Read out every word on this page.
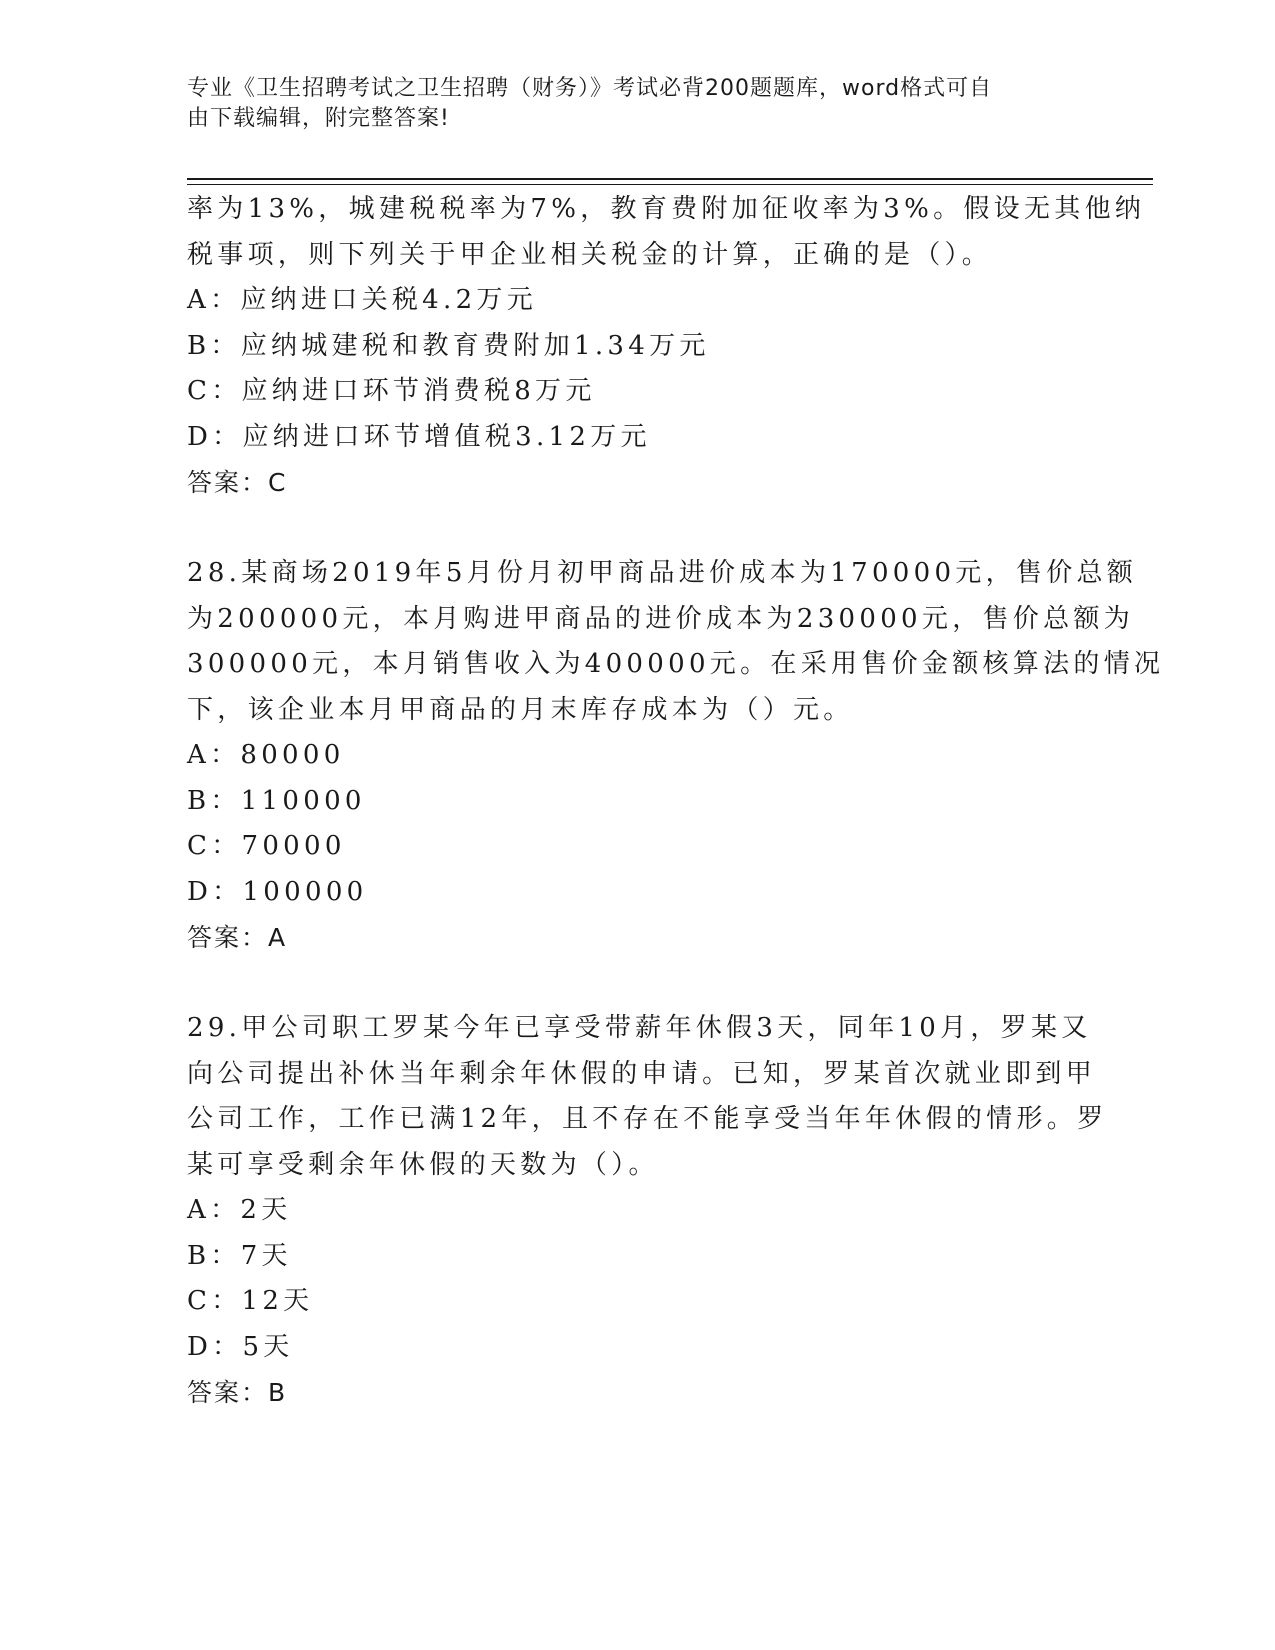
专业《卫生招聘考试之卫生招聘（财务）》考试必背200题题库，word格式可自
由下载编辑，附完整答案!
率为13%，城建税税率为7%，教育费附加征收率为3%。假设无其他纳
税事项，则下列关于甲企业相关税金的计算，正确的是（）。
A：应纳进口关税4.2万元
B：应纳城建税和教育费附加1.34万元
C：应纳进口环节消费税8万元
D：应纳进口环节增值税3.12万元
答案：C
28.某商场2019年5月份月初甲商品进价成本为170000元，售价总额
为200000元，本月购进甲商品的进价成本为230000元，售价总额为
300000元，本月销售收入为400000元。在采用售价金额核算法的情况
下，该企业本月甲商品的月末库存成本为（）元。
A：80000
B：110000
C：70000
D：100000
答案：A
29.甲公司职工罗某今年已享受带薪年休假3天，同年10月，罗某又
向公司提出补休当年剩余年休假的申请。已知，罗某首次就业即到甲
公司工作，工作已满12年，且不存在不能享受当年年休假的情形。罗
某可享受剩余年休假的天数为（）。
A：2天
B：7天
C：12天
D：5天
答案：B
